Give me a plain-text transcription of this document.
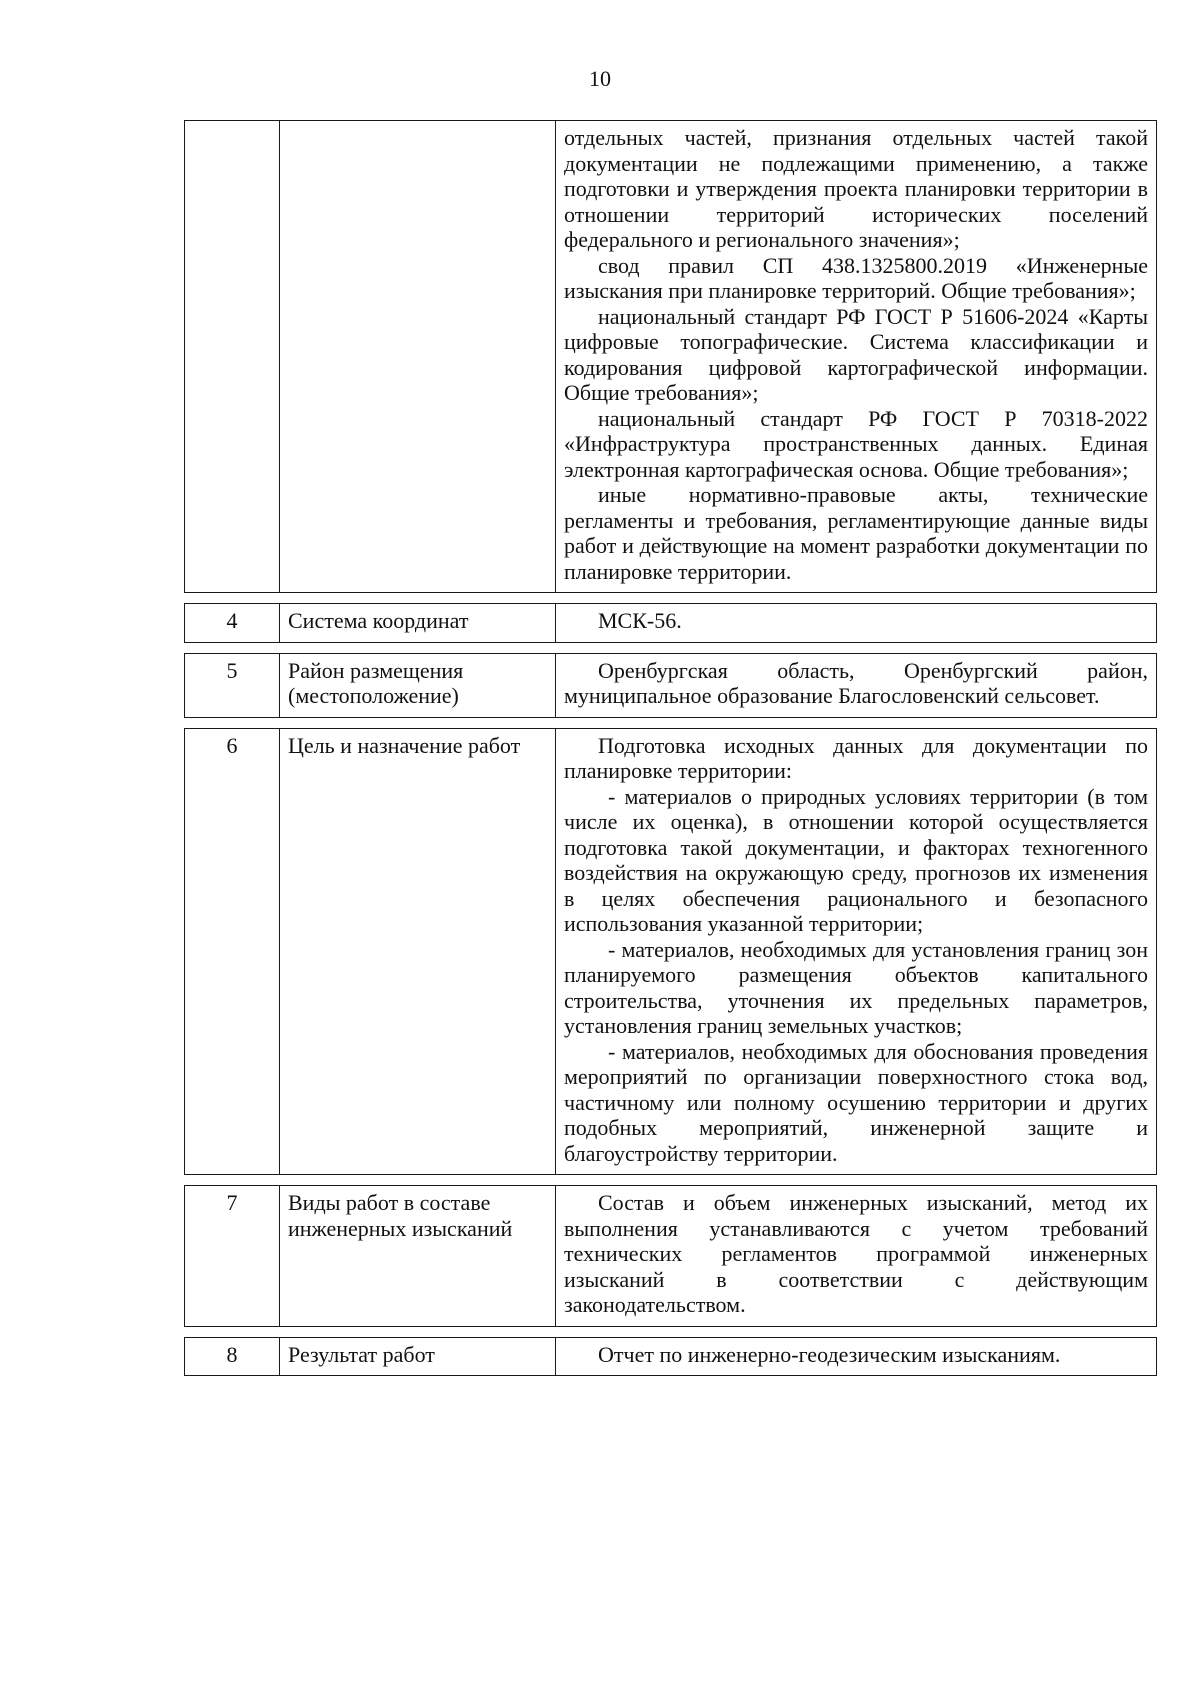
10

		отдельных частей, признания отдельных частей такой документации не подлежащими применению, а также подготовки и утверждения проекта планировки территории в отношении территорий исторических поселений федерального и регионального значения»;

свод правил СП 438.1325800.2019 «Инженерные изыскания при планировке территорий. Общие требования»;

национальный стандарт РФ ГОСТ Р 51606-2024 «Карты цифровые топографические. Система классификации и кодирования цифровой картографической информации. Общие требования»;

национальный стандарт РФ ГОСТ Р 70318-2022 «Инфраструктура пространственных данных. Единая электронная картографическая основа. Общие требования»;

иные нормативно-правовые акты, технические регламенты и требования, регламентирующие данные виды работ и действующие на момент разработки документации по планировке территории.

4	Система координат	МСК-56.

5	Район размещения (местоположение)	Оренбургская область, Оренбургский район, муниципальное образование Благословенский сельсовет.

6	Цель и назначение работ	Подготовка исходных данных для документации по планировке территории:

- материалов о природных условиях территории (в том числе их оценка), в отношении которой осуществляется подготовка такой документации, и факторах техногенного воздействия на окружающую среду, прогнозов их изменения в целях обеспечения рационального и безопасного использования указанной территории;

- материалов, необходимых для установления границ зон планируемого размещения объектов капитального строительства, уточнения их предельных параметров, установления границ земельных участков;

- материалов, необходимых для обоснования проведения мероприятий по организации поверхностного стока вод, частичному или полному осушению территории и других подобных мероприятий, инженерной защите и благоустройству территории.

7	Виды работ в составе инженерных изысканий	Состав и объем инженерных изысканий, метод их выполнения устанавливаются с учетом требований технических регламентов программой инженерных изысканий в соответствии с действующим законодательством.

8	Результат работ	Отчет по инженерно-геодезическим изысканиям.
